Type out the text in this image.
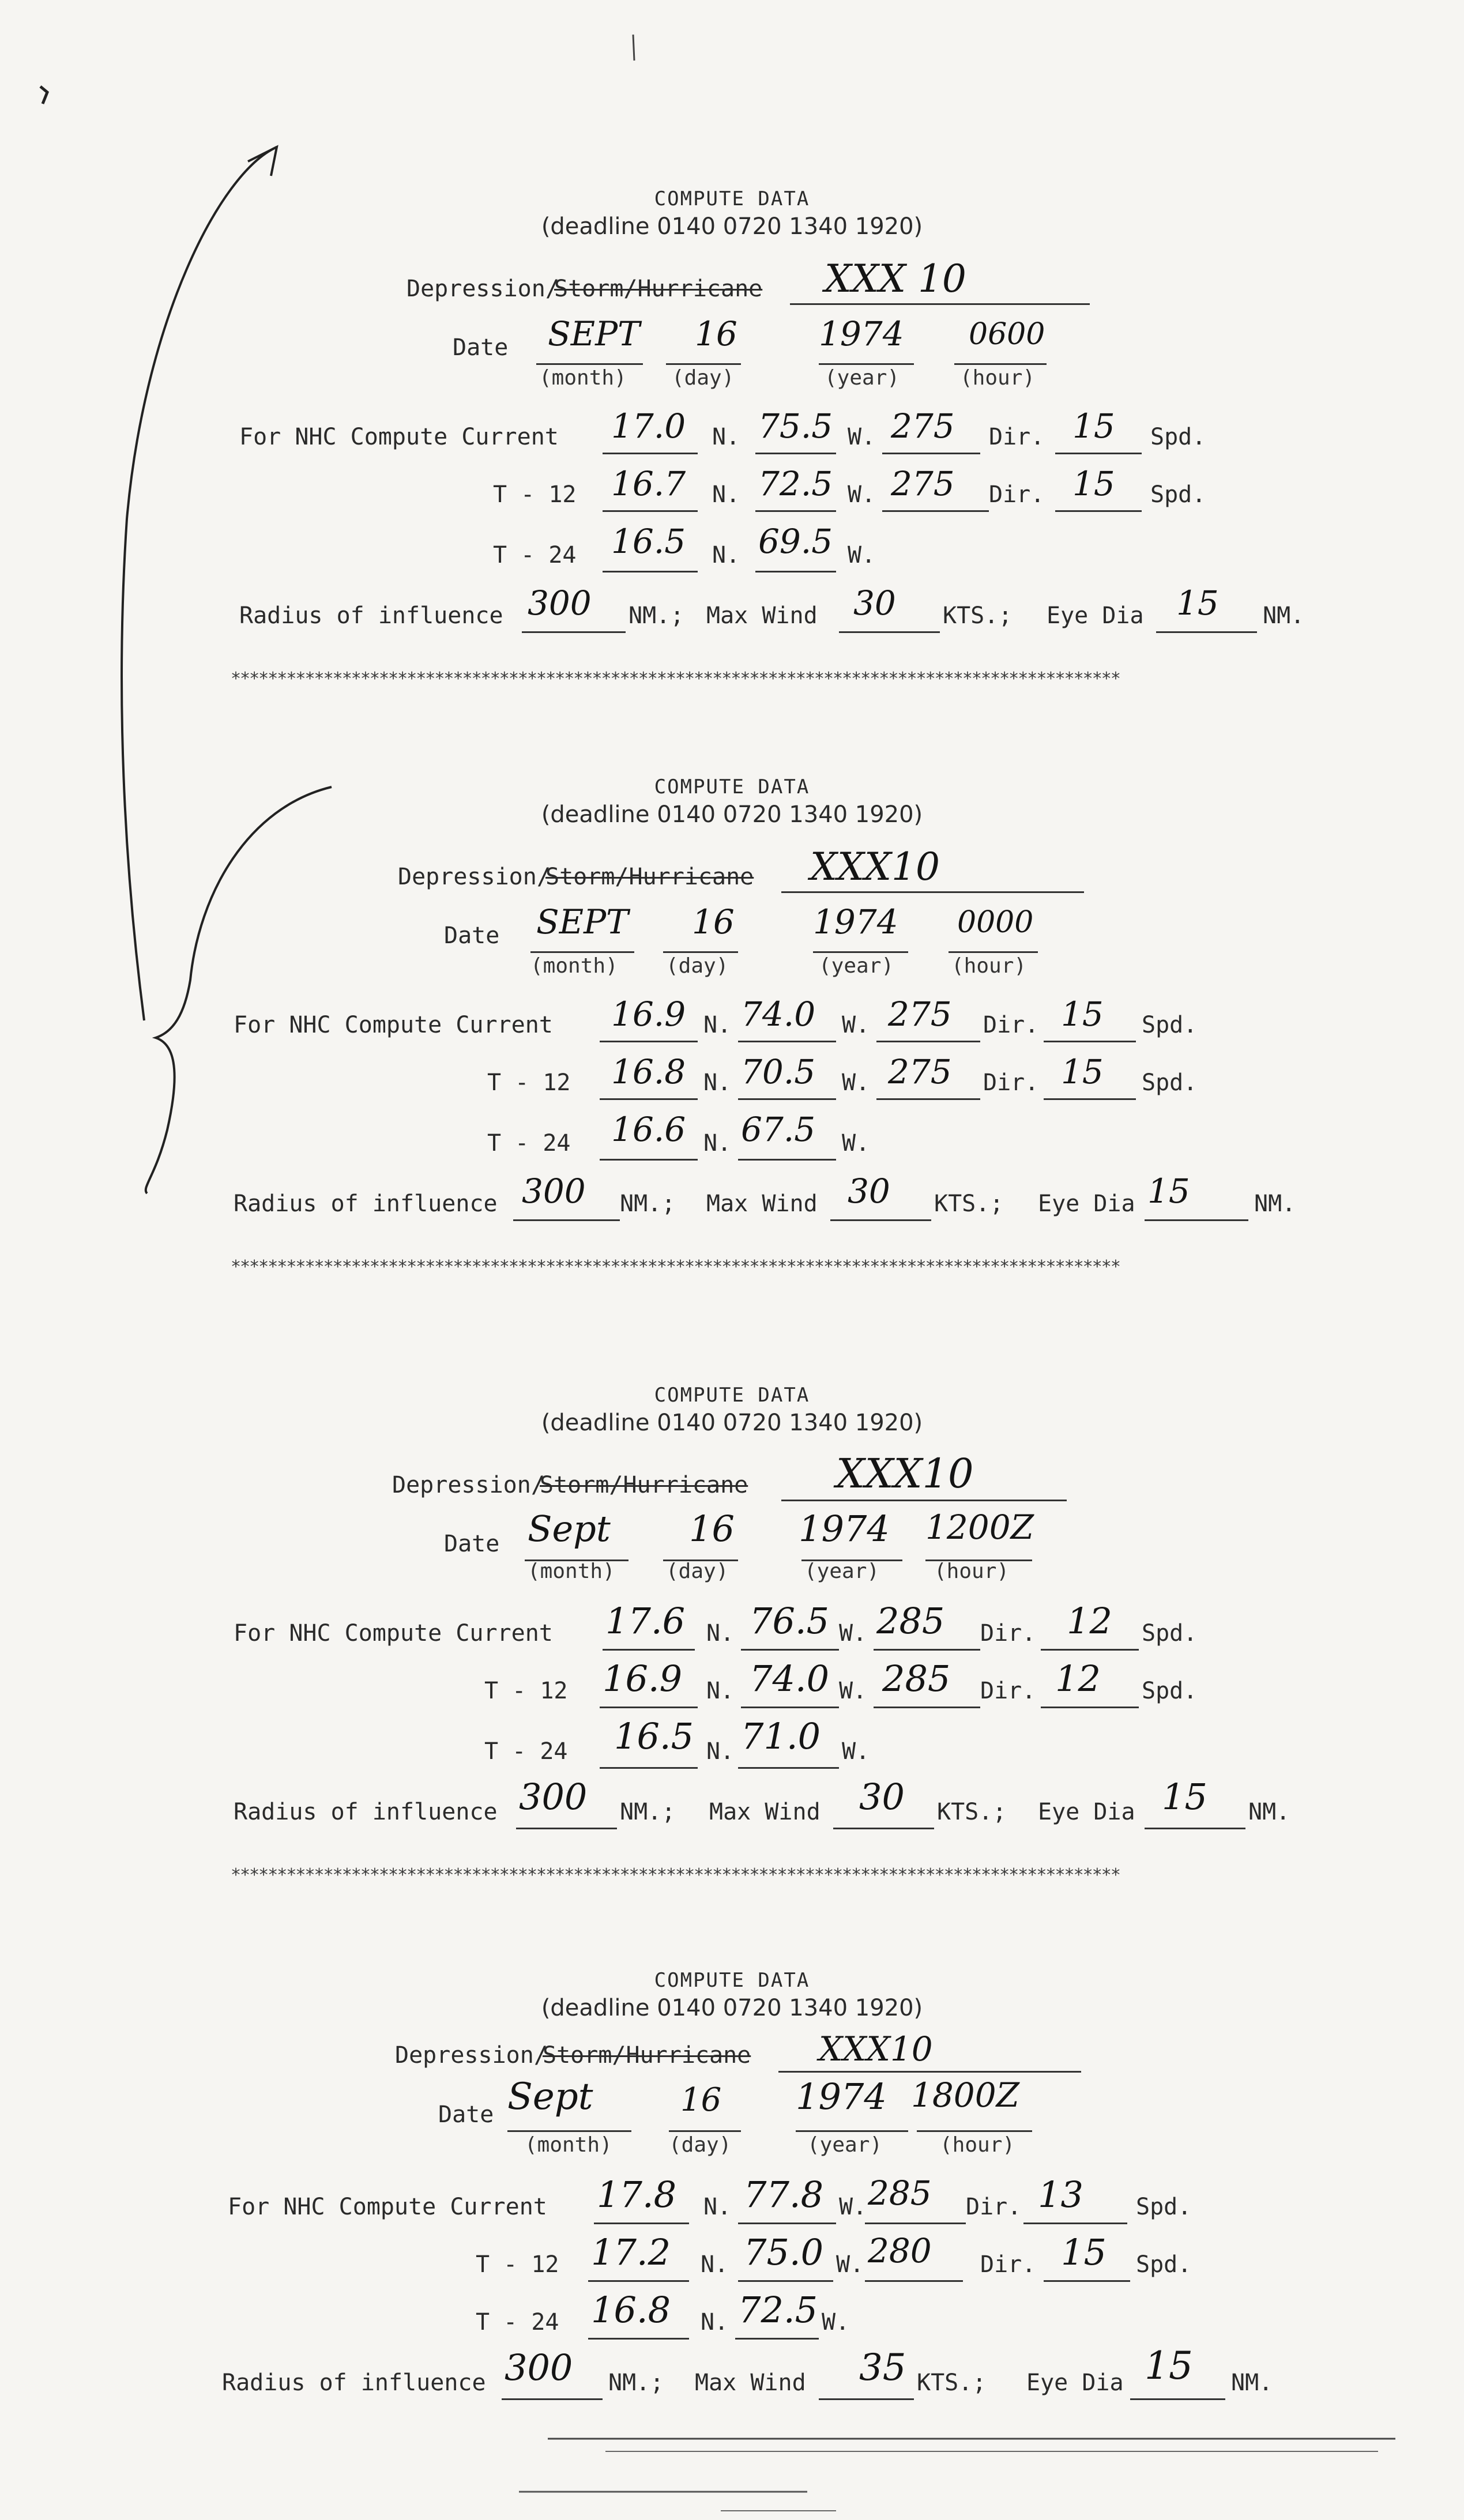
COMPUTE DATA
(deadline 0140 0720 1340 1920)
Depression/
Storm/Hurricane XXX 10
Date SEPT 16 1974 0600
(month) (day)	(year)	(hour)
For NHC Compute Current 17.0 N. 75.5 W. 275 Dir. 15 Spd.
T - 12 16.7 N. 72.5 W. 275 Dir. 15 Spd.
T - 24 16.5 N. 69.5 W.
Radius of influence 300 NM.; Max Wind 30 KTS.; Eye Dia 15 NM.
************************************************************************************************
COMPUTE DATA
(deadline 0140 0720 1340 1920)
Depression/
Storm/Hurricane XXX10
Date SEPT 16 1974 0000
(month) (day)	(year)	(hour)
For NHC Compute Current 16.9 N. 74.0 W. 275 Dir. 15 Spd.
T - 12 16.8 N. 70.5 W. 275 Dir. 15 Spd.
T - 24 16.6 N. 67.5 W.
Radius of influence 300 NM.; Max Wind 30 KTS.; Eye Dia 15	NM.
************************************************************************************************
COMPUTE DATA
(deadline 0140 0720 1340 1920)
Depression/
Storm/Hurricane XXX10
Date Sept 16 1974 1200Z
(month) (day)	(year)	(hour)
For NHC Compute Current 17.6 N. 76.5 W. 285 Dir. 12 Spd.
T - 12 16.9 N. 74.0 W. 285 Dir. 12 Spd.
T - 24 16.5 N. 71.0 W.
Radius of influence 300 NM.; Max Wind 30 KTS.; Eye Dia 15 NM.
************************************************************************************************
COMPUTE DATA
(deadline 0140 0720 1340 1920)
Depression/
Storm/Hurricane XXX10
Date Sept	16 1974 1800Z
(month)	(day)	(year)	(hour)
For NHC Compute Current 17.8 N. 77.8 W. 285 Dir. 13 Spd.
T - 12 17.2 N. 75.0 W. 280 Dir. 15 Spd.
T - 24 16.8 N. 72.5 W.
Radius of influence 300 NM.; Max Wind 35 KTS.; Eye Dia 15 NM.
